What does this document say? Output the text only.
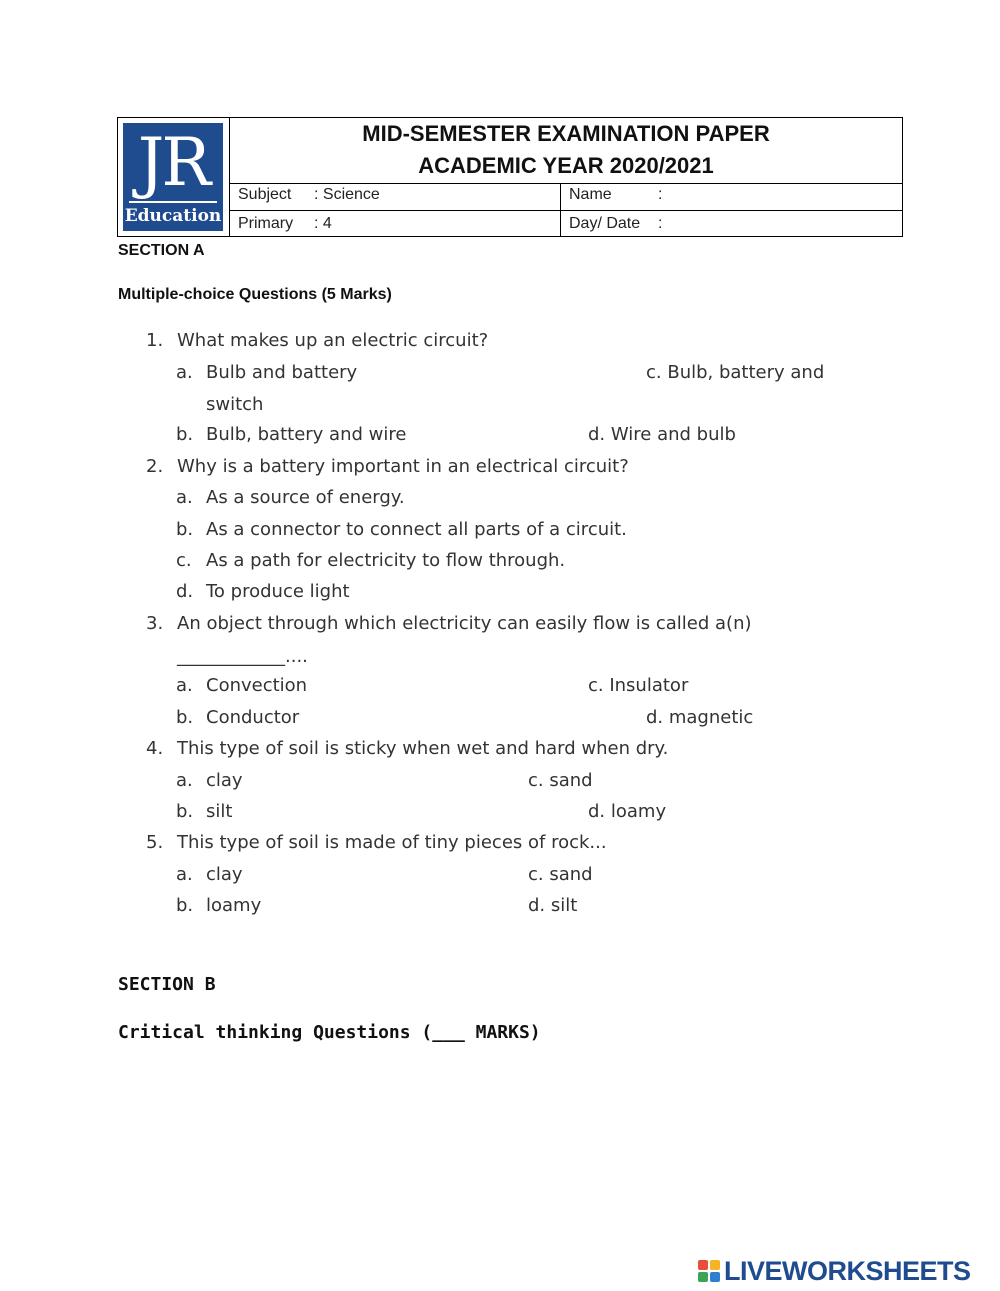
JR
Education
MID-SEMESTER EXAMINATION PAPER
ACADEMIC YEAR 2020/2021
Subject : Science
Primary : 4
Name	:
Day/ Date :
SECTION A
Multiple-choice Questions (5 Marks)
1. What makes up an electric circuit?
a. Bulb and battery	c. Bulb, battery and
switch
b. Bulb, battery and wire	d. Wire and bulb
2. Why is a battery important in an electrical circuit?
a. As a source of energy.
b. As a connector to connect all parts of a circuit.
c. As a path for electricity to flow through.
d. To produce light
3. An object through which electricity can easily flow is called a(n)
____________....
a. Convection	c. Insulator
b. Conductor	d. magnetic
4. This type of soil is sticky when wet and hard when dry.
a. clay	c. sand
b. silt	d. loamy
5. This type of soil is made of tiny pieces of rock...
a. clay	c. sand
b. loamy	d. silt
SECTION B
Critical thinking Questions (___ MARKS)
LIVEWORKSHEETS
